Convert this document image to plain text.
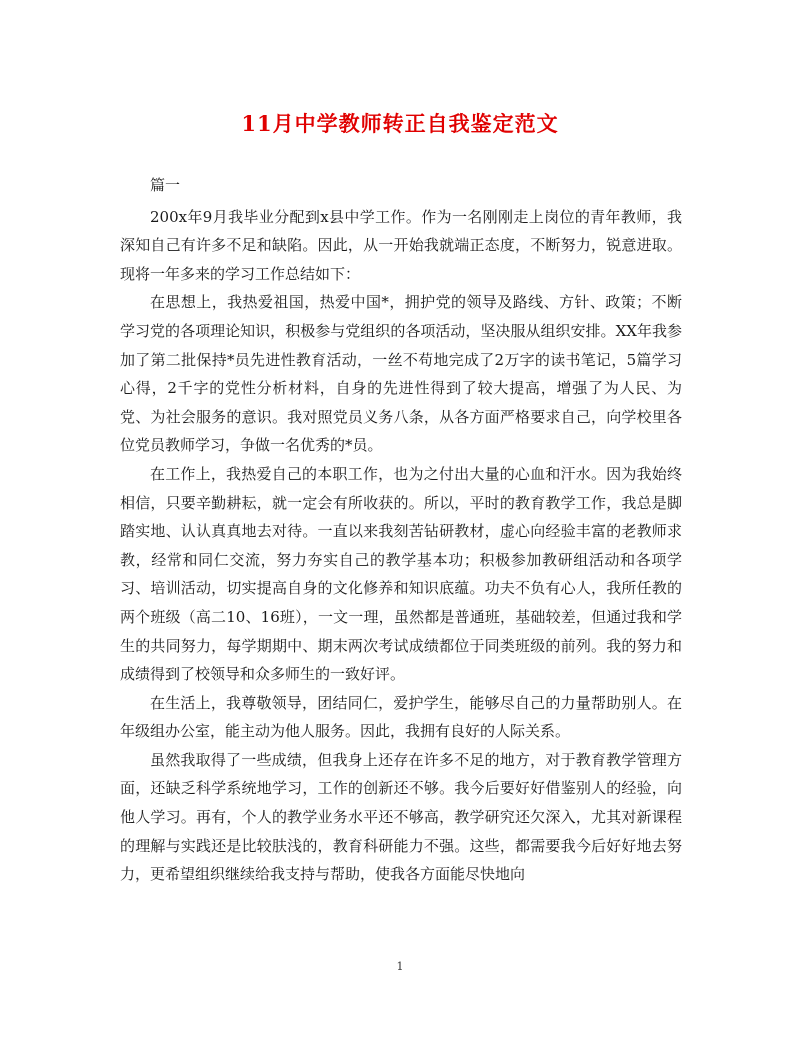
11月中学教师转正自我鉴定范文

篇一

200x年9月我毕业分配到x县中学工作。作为一名刚刚走上岗位的青年教师，我深知自己有许多不足和缺陷。因此，从一开始我就端正态度，不断努力，锐意进取。现将一年多来的学习工作总结如下：

在思想上，我热爱祖国，热爱中国*，拥护党的领导及路线、方针、政策；不断学习党的各项理论知识，积极参与党组织的各项活动，坚决服从组织安排。XX年我参加了第二批保持*员先进性教育活动，一丝不苟地完成了2万字的读书笔记，5篇学习心得，2千字的党性分析材料，自身的先进性得到了较大提高，增强了为人民、为党、为社会服务的意识。我对照党员义务八条，从各方面严格要求自己，向学校里各位党员教师学习，争做一名优秀的*员。

在工作上，我热爱自己的本职工作，也为之付出大量的心血和汗水。因为我始终相信，只要辛勤耕耘，就一定会有所收获的。所以，平时的教育教学工作，我总是脚踏实地、认认真真地去对待。一直以来我刻苦钻研教材，虚心向经验丰富的老教师求教，经常和同仁交流，努力夯实自己的教学基本功；积极参加教研组活动和各项学习、培训活动，切实提高自身的文化修养和知识底蕴。功夫不负有心人，我所任教的两个班级（高二10、16班），一文一理，虽然都是普通班，基础较差，但通过我和学生的共同努力，每学期期中、期末两次考试成绩都位于同类班级的前列。我的努力和成绩得到了校领导和众多师生的一致好评。

在生活上，我尊敬领导，团结同仁，爱护学生，能够尽自己的力量帮助别人。在年级组办公室，能主动为他人服务。因此，我拥有良好的人际关系。

虽然我取得了一些成绩，但我身上还存在许多不足的地方，对于教育教学管理方面，还缺乏科学系统地学习，工作的创新还不够。我今后要好好借鉴别人的经验，向他人学习。再有，个人的教学业务水平还不够高，教学研究还欠深入，尤其对新课程的理解与实践还是比较肤浅的，教育科研能力不强。这些，都需要我今后好好地去努力，更希望组织继续给我支持与帮助，使我各方面能尽快地向

1
